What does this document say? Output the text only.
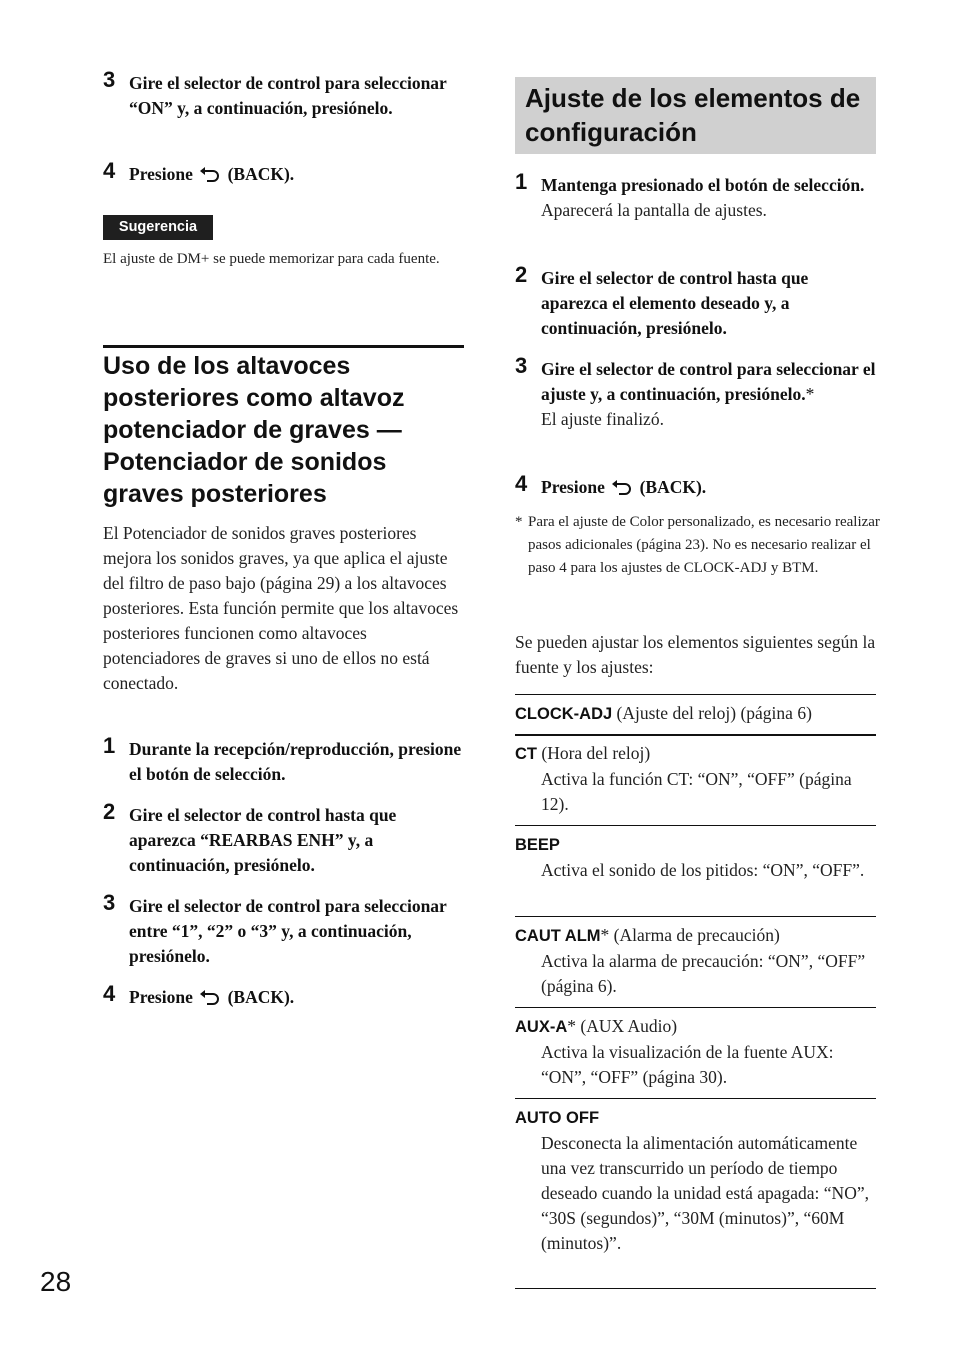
3 Gire el selector de control para seleccionar “ON” y, a continuación, presiónelo.
4 Presione (BACK).
Sugerencia
El ajuste de DM+ se puede memorizar para cada fuente.
Uso de los altavoces posteriores como altavoz potenciador de graves — Potenciador de sonidos graves posteriores
El Potenciador de sonidos graves posteriores mejora los sonidos graves, ya que aplica el ajuste del filtro de paso bajo (página 29) a los altavoces posteriores. Esta función permite que los altavoces posteriores funcionen como altavoces potenciadores de graves si uno de ellos no está conectado.
1 Durante la recepción/reproducción, presione el botón de selección.
2 Gire el selector de control hasta que aparezca “REARBAS ENH” y, a continuación, presiónelo.
3 Gire el selector de control para seleccionar entre “1”, “2” o “3” y, a continuación, presiónelo.
4 Presione (BACK).
Ajuste de los elementos de configuración
1 Mantenga presionado el botón de selección.
Aparecerá la pantalla de ajustes.
2 Gire el selector de control hasta que aparezca el elemento deseado y, a continuación, presiónelo.
3 Gire el selector de control para seleccionar el ajuste y, a continuación, presiónelo.*
El ajuste finalizó.
4 Presione (BACK).
* Para el ajuste de Color personalizado, es necesario realizar pasos adicionales (página 23). No es necesario realizar el paso 4 para los ajustes de CLOCK-ADJ y BTM.
Se pueden ajustar los elementos siguientes según la fuente y los ajustes:
CLOCK-ADJ (Ajuste del reloj) (página 6)
CT (Hora del reloj)
Activa la función CT: “ON”, “OFF” (página 12).
BEEP
Activa el sonido de los pitidos: “ON”, “OFF”.
CAUT ALM* (Alarma de precaución)
Activa la alarma de precaución: “ON”, “OFF” (página 6).
AUX-A* (AUX Audio)
Activa la visualización de la fuente AUX: “ON”, “OFF” (página 30).
AUTO OFF
Desconecta la alimentación automáticamente una vez transcurrido un período de tiempo deseado cuando la unidad está apagada: “NO”, “30S (segundos)”, “30M (minutos)”, “60M (minutos)”.
28
